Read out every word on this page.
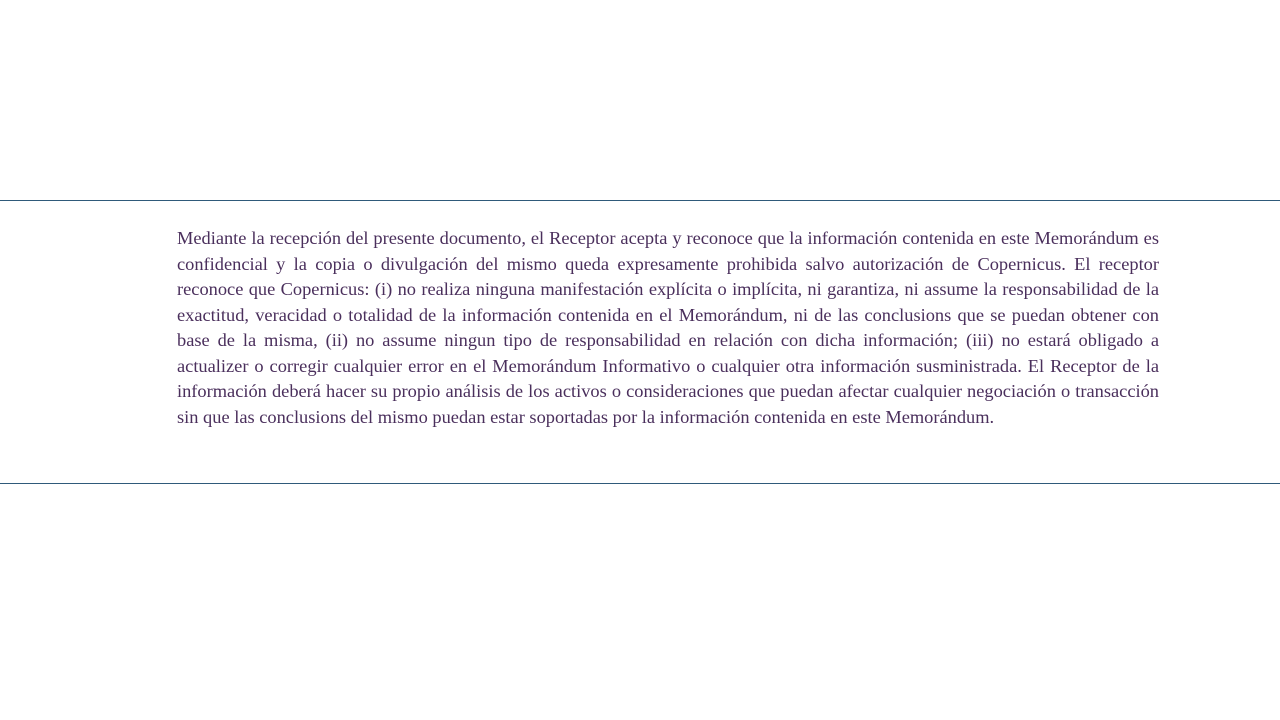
Mediante la recepción del presente documento, el Receptor acepta y reconoce que la información contenida en este Memorándum es confidencial y la copia o divulgación del mismo queda expresamente prohibida salvo autorización de Copernicus. El receptor reconoce que Copernicus: (i) no realiza ninguna manifestación explícita o implícita, ni garantiza, ni assume la responsabilidad de la exactitud, veracidad o totalidad de la información contenida en el Memorándum, ni de las conclusions que se puedan obtener con base de la misma, (ii) no assume ningun tipo de responsabilidad en relación con dicha información; (iii) no estará obligado a actualizer o corregir cualquier error en el Memorándum Informativo o cualquier otra información susministrada. El Receptor de la información deberá hacer su propio análisis de los activos o consideraciones que puedan afectar cualquier negociación o transacción sin que las conclusions del mismo puedan estar soportadas por la información contenida en este Memorándum.
